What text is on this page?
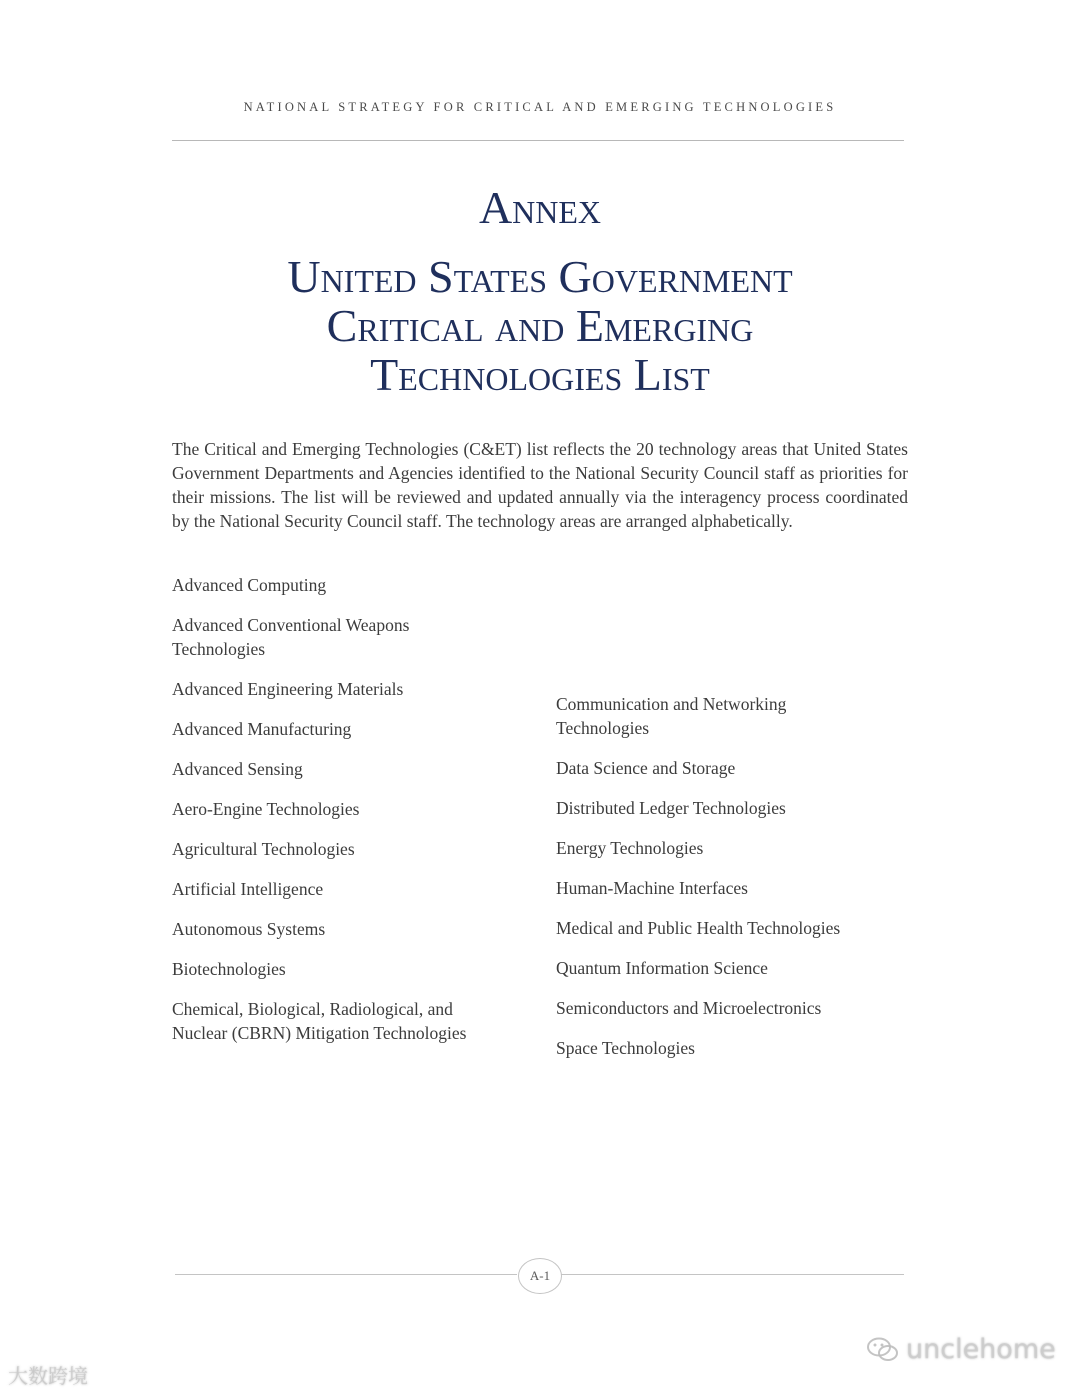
NATIONAL STRATEGY FOR CRITICAL AND EMERGING TECHNOLOGIES
Annex
United States Government
Critical and Emerging
Technologies List
The Critical and Emerging Technologies (C&ET) list reflects the 20 technology areas that United States Government Departments and Agencies identified to the National Security Council staff as priorities for their missions. The list will be reviewed and updated annually via the interagency process coordinated by the National Security Council staff. The technology areas are arranged alphabetically.
Advanced Computing
Advanced Conventional Weapons
Technologies
Advanced Engineering Materials
Advanced Manufacturing
Advanced Sensing
Aero-Engine Technologies
Agricultural Technologies
Artificial Intelligence
Autonomous Systems
Biotechnologies
Chemical, Biological, Radiological, and
Nuclear (CBRN) Mitigation Technologies
Communication and Networking
Technologies
Data Science and Storage
Distributed Ledger Technologies
Energy Technologies
Human-Machine Interfaces
Medical and Public Health Technologies
Quantum Information Science
Semiconductors and Microelectronics
Space Technologies
A-1
大数跨境
unclehome
